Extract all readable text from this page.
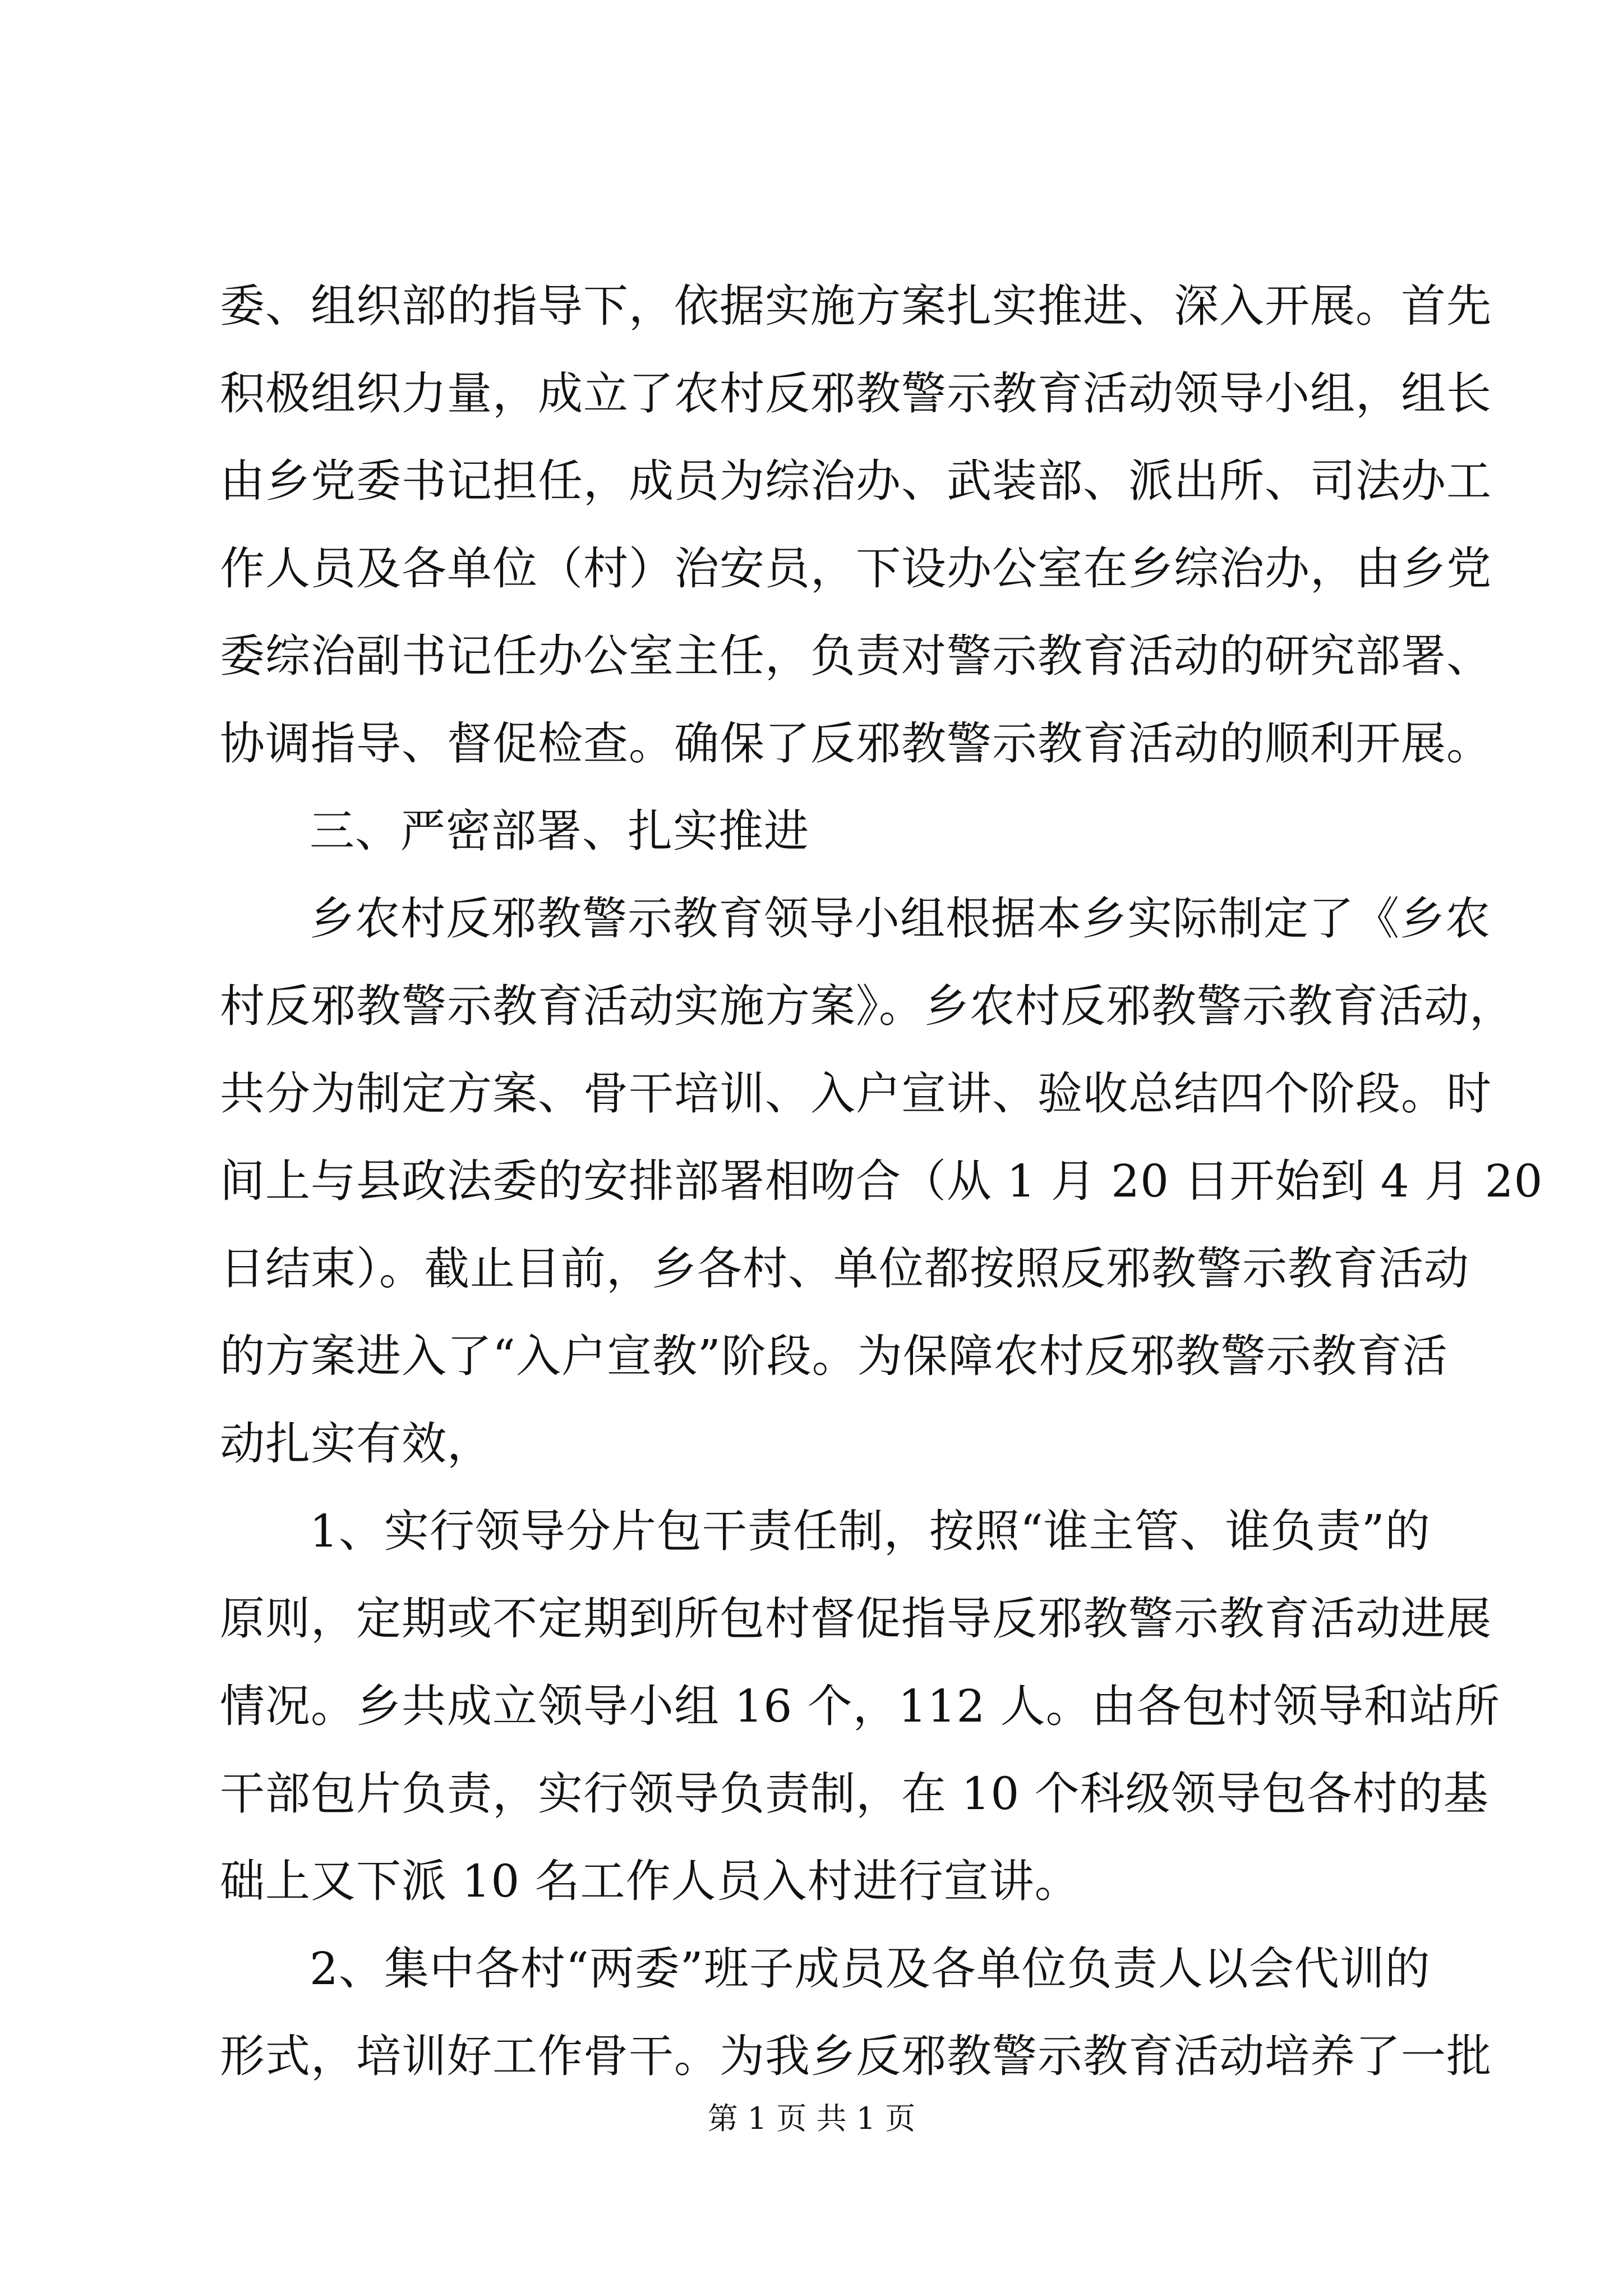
委、组织部的指导下，依据实施方案扎实推进、深入开展。首先
积极组织力量，成立了农村反邪教警示教育活动领导小组，组长
由乡党委书记担任，成员为综治办、武装部、派出所、司法办工
作人员及各单位（村）治安员，下设办公室在乡综治办，由乡党
委综治副书记任办公室主任，负责对警示教育活动的研究部署、
协调指导、督促检查。确保了反邪教警示教育活动的顺利开展。
三、严密部署、扎实推进
乡农村反邪教警示教育领导小组根据本乡实际制定了《乡农
村反邪教警示教育活动实施方案》。乡农村反邪教警示教育活动，
共分为制定方案、骨干培训、入户宣讲、验收总结四个阶段。时
间上与县政法委的安排部署相吻合（从 1 月 20 日开始到 4 月 20
日结束）。截止目前，乡各村、单位都按照反邪教警示教育活动
的方案进入了“入户宣教”阶段。为保障农村反邪教警示教育活
动扎实有效，
1、实行领导分片包干责任制，按照“谁主管、谁负责”的
原则，定期或不定期到所包村督促指导反邪教警示教育活动进展
情况。乡共成立领导小组 16 个，112 人。由各包村领导和站所
干部包片负责，实行领导负责制，在 10 个科级领导包各村的基
础上又下派 10 名工作人员入村进行宣讲。
2、集中各村“两委”班子成员及各单位负责人以会代训的
形式，培训好工作骨干。为我乡反邪教警示教育活动培养了一批
第 1 页 共 1 页
